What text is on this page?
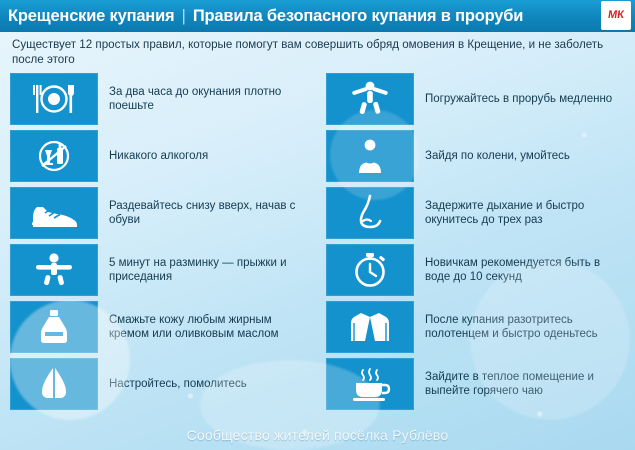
Крещенские купания | Правила безопасного купания в проруби	МК
Существует 12 простых правил, которые помогут вам совершить обряд омовения в Крещение, и не заболеть после этого
За два часа до окунания плотно поешьте
Никакого алкоголя
Раздевайтесь снизу вверх, начав с обуви
5 минут на разминку — прыжки и приседания
Смажьте кожу любым жирным кремом или оливковым маслом
Настройтесь, помолитесь
Погружайтесь в прорубь медленно
Зайдя по колени, умойтесь
Задержите дыхание и быстро окунитесь до трех раз
Новичкам рекомендуется быть в воде до 10 секунд
После купания разотритесь полотенцем и быстро оденьтесь
Зайдите в теплое помещение и выпейте горячего чаю
Сообщество жителей посёлка Рублёво
